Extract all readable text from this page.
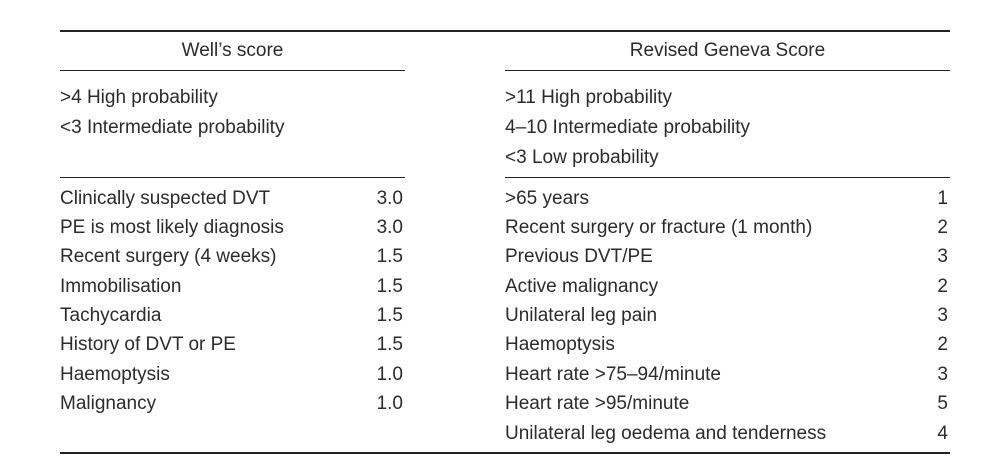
Well’s score	Revised Geneva Score
>4 High probability
<3 Intermediate probability
>11 High probability
4–10 Intermediate probability
<3 Low probability
Clinically suspected DVT	3.0
PE is most likely diagnosis	3.0
Recent surgery (4 weeks)	1.5
Immobilisation	1.5
Tachycardia	1.5
History of DVT or PE	1.5
Haemoptysis	1.0
Malignancy	1.0
>65 years	1
Recent surgery or fracture (1 month)	2
Previous DVT/PE	3
Active malignancy	2
Unilateral leg pain	3
Haemoptysis	2
Heart rate >75–94/minute	3
Heart rate >95/minute	5
Unilateral leg oedema and tenderness	4
